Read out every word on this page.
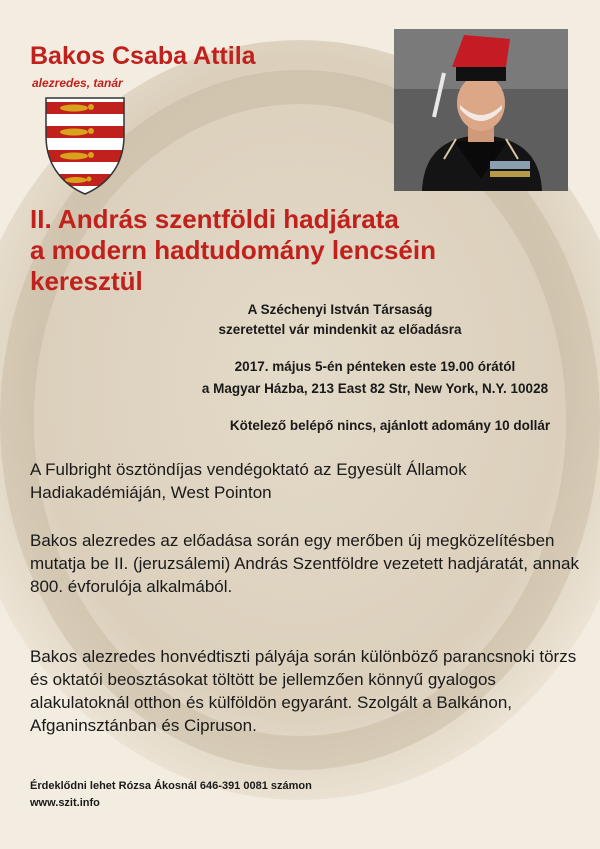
Bakos Csaba Attila
alezredes, tanár
II. András szentföldi hadjárata
a modern hadtudomány lencséin
keresztül
A Széchenyi István Társaság
szeretettel vár mindenkit az előadásra
2017. május 5-én pénteken este 19.00 órától
a Magyar Házba, 213 East 82 Str, New York, N.Y. 10028
Kötelező belépő nincs, ajánlott adomány 10 dollár

A Fulbright ösztöndíjas vendégoktató az Egyesült Államok Hadiakadémiáján, West Pointon

Bakos alezredes az előadása során egy merőben új megközelítésben mutatja be II. (jeruzsálemi) András Szentföldre vezetett hadjáratát, annak 800. évforulója alkalmából.

Bakos alezredes honvédtiszti pályája során különböző parancsnoki törzs és oktatói beosztásokat töltött be jellemzően könnyű gyalogos alakulatoknál otthon és külföldön egyaránt. Szolgált a Balkánon, Afganinsztánban és Cipruson.

Érdeklődni lehet Rózsa Ákosnál 646-391 0081 számon
www.szit.info
